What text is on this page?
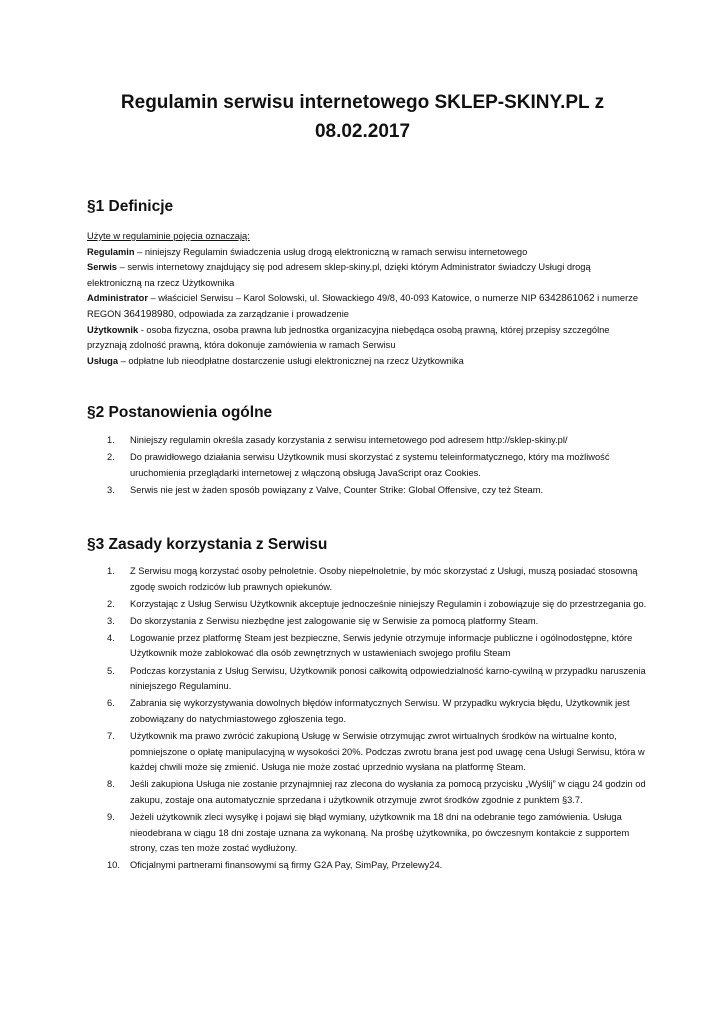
Regulamin serwisu internetowego SKLEP-SKINY.PL z 08.02.2017
§1 Definicje

Użyte w regulaminie pojęcia oznaczają:

Regulamin – niniejszy Regulamin świadczenia usług drogą elektroniczną w ramach serwisu internetowego

Serwis – serwis internetowy znajdujący się pod adresem sklep-skiny.pl, dzięki którym Administrator świadczy Usługi drogą elektroniczną na rzecz Użytkownika

Administrator – właściciel Serwisu – Karol Solowski, ul. Słowackiego 49/8, 40-093 Katowice, o numerze NIP 6342861062 i numerze REGON 364198980, odpowiada za zarządzanie i prowadzenie

Użytkownik - osoba fizyczna, osoba prawna lub jednostka organizacyjna niebędąca osobą prawną, której przepisy szczególne przyznają zdolność prawną, która dokonuje zamówienia w ramach Serwisu

Usługa – odpłatne lub nieodpłatne dostarczenie usługi elektronicznej na rzecz Użytkownika

§2 Postanowienia ogólne
1. Niniejszy regulamin określa zasady korzystania z serwisu internetowego pod adresem http://sklep-skiny.pl/
2. Do prawidłowego działania serwisu Użytkownik musi skorzystać z systemu teleinformatycznego, który ma możliwość uruchomienia przeglądarki internetowej z włączoną obsługą JavaScript oraz Cookies.
3. Serwis nie jest w żaden sposób powiązany z Valve, Counter Strike: Global Offensive, czy też Steam.
§3 Zasady korzystania z Serwisu
1. Z Serwisu mogą korzystać osoby pełnoletnie. Osoby niepełnoletnie, by móc skorzystać z Usługi, muszą posiadać stosowną zgodę swoich rodziców lub prawnych opiekunów.
2. Korzystając z Usług Serwisu Użytkownik akceptuje jednocześnie niniejszy Regulamin i zobowiązuje się do przestrzegania go.
3. Do skorzystania z Serwisu niezbędne jest zalogowanie się w Serwisie za pomocą platformy Steam.
4. Logowanie przez platformę Steam jest bezpieczne, Serwis jedynie otrzymuje informacje publiczne i ogólnodostępne, które Użytkownik może zablokować dla osób zewnętrznych w ustawieniach swojego profilu Steam
5. Podczas korzystania z Usług Serwisu, Użytkownik ponosi całkowitą odpowiedzialność karno-cywilną w przypadku naruszenia niniejszego Regulaminu.
6. Zabrania się wykorzystywania dowolnych błędów informatycznych Serwisu. W przypadku wykrycia błędu, Użytkownik jest zobowiązany do natychmiastowego zgłoszenia tego.
7. Użytkownik ma prawo zwrócić zakupioną Usługę w Serwisie otrzymując zwrot wirtualnych środków na wirtualne konto, pomniejszone o opłatę manipulacyjną w wysokości 20%. Podczas zwrotu brana jest pod uwagę cena Usługi Serwisu, która w każdej chwili może się zmienić. Usługa nie może zostać uprzednio wysłana na platformę Steam.
8. Jeśli zakupiona Usługa nie zostanie przynajmniej raz zlecona do wysłania za pomocą przycisku „Wyślij” w ciągu 24 godzin od zakupu, zostaje ona automatycznie sprzedana i użytkownik otrzymuje zwrot środków zgodnie z punktem §3.7.
9. Jeżeli użytkownik zleci wysyłkę i pojawi się błąd wymiany, użytkownik ma 18 dni na odebranie tego zamówienia. Usługa nieodebrana w ciągu 18 dni zostaje uznana za wykonaną. Na prośbę użytkownika, po ówczesnym kontakcie z supportem strony, czas ten może zostać wydłużony.
10. Oficjalnymi partnerami finansowymi są firmy G2A Pay, SimPay, Przelewy24.
